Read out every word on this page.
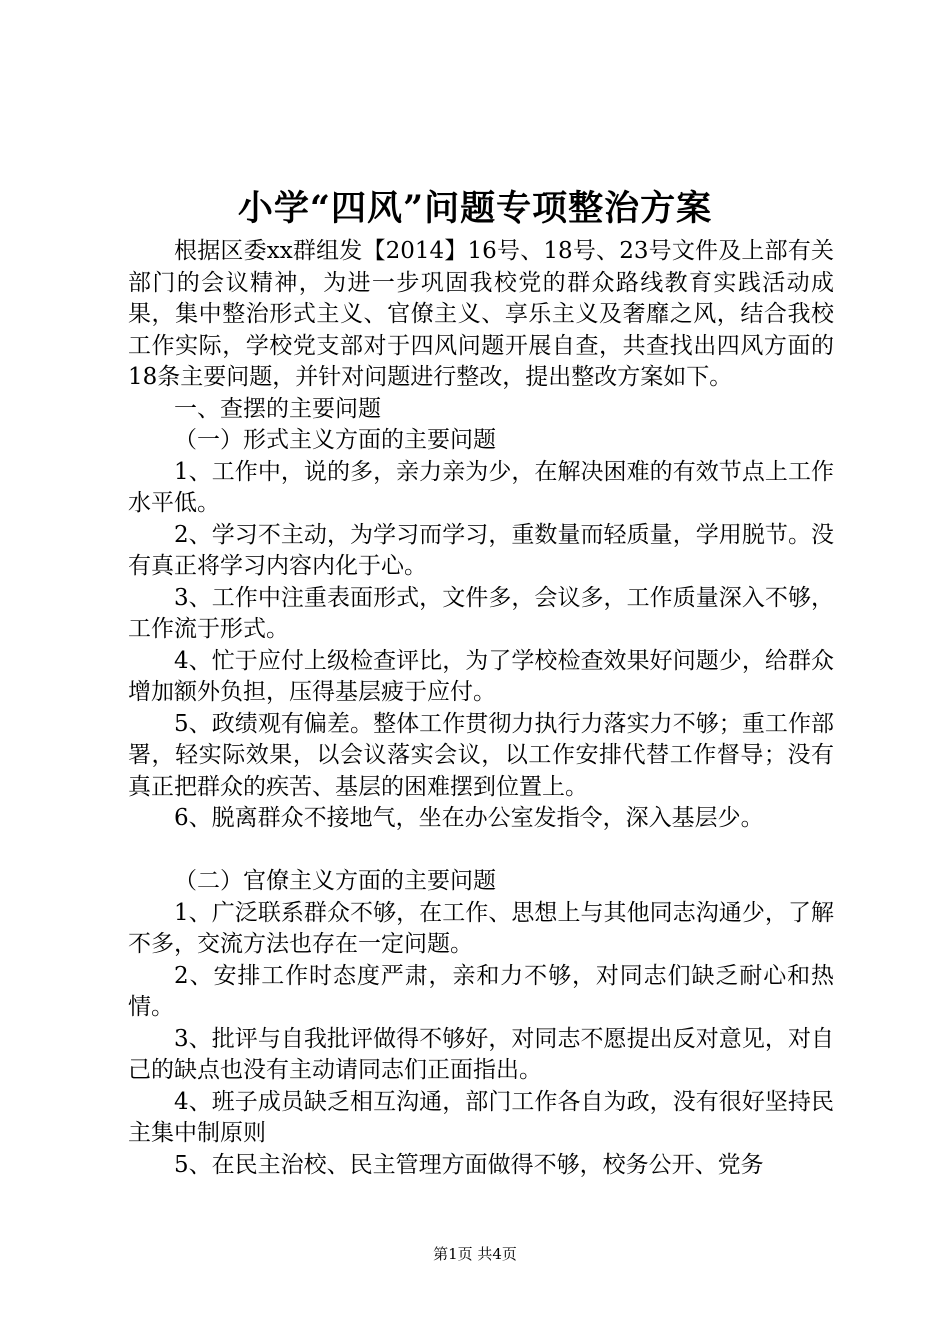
小学“四风”问题专项整治方案

根据区委xx群组发【2014】16号、18号、23号文件及上部有关部门的会议精神，为进一步巩固我校党的群众路线教育实践活动成果，集中整治形式主义、官僚主义、享乐主义及奢靡之风，结合我校工作实际，学校党支部对于四风问题开展自查，共查找出四风方面的18条主要问题，并针对问题进行整改，提出整改方案如下。

一、查摆的主要问题

（一）形式主义方面的主要问题

1、工作中，说的多，亲力亲为少，在解决困难的有效节点上工作水平低。

2、学习不主动，为学习而学习，重数量而轻质量，学用脱节。没有真正将学习内容内化于心。

3、工作中注重表面形式，文件多，会议多，工作质量深入不够，工作流于形式。

4、忙于应付上级检查评比，为了学校检查效果好问题少，给群众增加额外负担，压得基层疲于应付。

5、政绩观有偏差。整体工作贯彻力执行力落实力不够；重工作部署，轻实际效果，以会议落实会议，以工作安排代替工作督导；没有真正把群众的疾苦、基层的困难摆到位置上。

6、脱离群众不接地气，坐在办公室发指令，深入基层少。

（二）官僚主义方面的主要问题

1、广泛联系群众不够，在工作、思想上与其他同志沟通少，了解不多，交流方法也存在一定问题。

2、安排工作时态度严肃，亲和力不够，对同志们缺乏耐心和热情。

3、批评与自我批评做得不够好，对同志不愿提出反对意见，对自己的缺点也没有主动请同志们正面指出。

4、班子成员缺乏相互沟通，部门工作各自为政，没有很好坚持民主集中制原则

5、在民主治校、民主管理方面做得不够，校务公开、党务

第1页 共4页
